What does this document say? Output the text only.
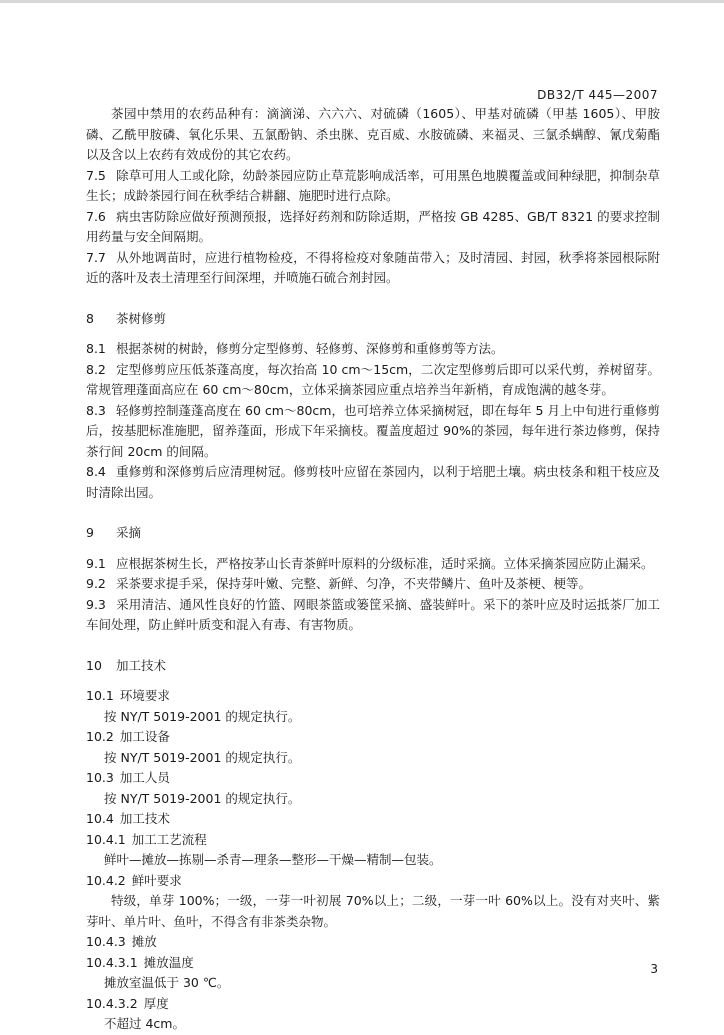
DB32/T 445—2007

茶园中禁用的农药品种有：滴滴涕、六六六、对硫磷（1605）、甲基对硫磷（甲基 1605）、甲胺磷、乙酰甲胺磷、氧化乐果、五氯酚钠、杀虫脒、克百威、水胺硫磷、来福灵、三氯杀螨醇、氰戊菊酯以及含以上农药有效成份的其它农药。

7.5 除草可用人工或化除，幼龄茶园应防止草荒影响成活率，可用黑色地膜覆盖或间种绿肥，抑制杂草生长；成龄茶园行间在秋季结合耕翻、施肥时进行点除。

7.6 病虫害防除应做好预测预报，选择好药剂和防除适期，严格按 GB 4285、GB/T 8321 的要求控制用药量与安全间隔期。

7.7 从外地调苗时，应进行植物检疫，不得将检疫对象随苗带入；及时清园、封园，秋季将茶园根际附近的落叶及表土清理至行间深埋，并喷施石硫合剂封园。

8 茶树修剪

8.1 根据茶树的树龄，修剪分定型修剪、轻修剪、深修剪和重修剪等方法。

8.2 定型修剪应压低茶蓬高度，每次抬高 10 cm～15cm，二次定型修剪后即可以采代剪，养树留芽。常规管理蓬面高应在 60 cm～80cm，立体采摘茶园应重点培养当年新梢，育成饱满的越冬芽。

8.3 轻修剪控制蓬蓬高度在 60 cm～80cm，也可培养立体采摘树冠，即在每年 5 月上中旬进行重修剪后，按基肥标准施肥，留养蓬面，形成下年采摘枝。覆盖度超过 90%的茶园，每年进行茶边修剪，保持茶行间 20cm 的间隔。

8.4 重修剪和深修剪后应清理树冠。修剪枝叶应留在茶园内，以利于培肥土壤。病虫枝条和粗干枝应及时清除出园。

9 采摘

9.1 应根据茶树生长，严格按茅山长青茶鲜叶原料的分级标准，适时采摘。立体采摘茶园应防止漏采。

9.2 采茶要求提手采，保持芽叶嫩、完整、新鲜、匀净，不夹带鳞片、鱼叶及茶梗、梗等。

9.3 采用清洁、通风性良好的竹篮、网眼茶篮或篓筐采摘、盛装鲜叶。采下的茶叶应及时运抵茶厂加工车间处理，防止鲜叶质变和混入有毒、有害物质。

10 加工技术

10.1 环境要求

按 NY/T 5019-2001 的规定执行。

10.2 加工设备

按 NY/T 5019-2001 的规定执行。

10.3 加工人员

按 NY/T 5019-2001 的规定执行。

10.4 加工技术

10.4.1 加工工艺流程

鲜叶—摊放—拣剔—杀青—理条—整形—干燥—精制—包装。

10.4.2 鲜叶要求

特级，单芽 100%；一级，一芽一叶初展 70%以上；二级，一芽一叶 60%以上。没有对夹叶、紫芽叶、单片叶、鱼叶，不得含有非茶类杂物。

10.4.3 摊放

10.4.3.1 摊放温度

摊放室温低于 30 ℃。

10.4.3.2 厚度

不超过 4cm。

3
